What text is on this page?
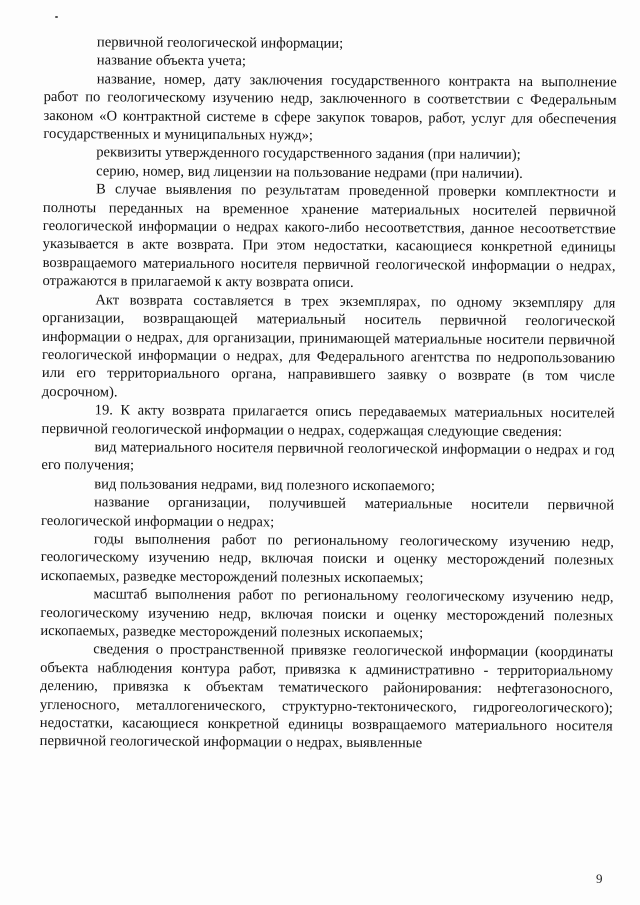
первичной геологической информации;

название объекта учета;

название, номер, дату заключения государственного контракта на выполнение работ по геологическому изучению недр, заключенного в соответствии с Федеральным законом «О контрактной системе в сфере закупок товаров, работ, услуг для обеспечения государственных и муниципальных нужд»;

реквизиты утвержденного государственного задания (при наличии);

серию, номер, вид лицензии на пользование недрами (при наличии).

В случае выявления по результатам проведенной проверки комплектности и полноты переданных на временное хранение материальных носителей первичной геологической информации о недрах какого-либо несоответствия, данное несоответствие указывается в акте возврата. При этом недостатки, касающиеся конкретной единицы возвращаемого материального носителя первичной геологической информации о недрах, отражаются в прилагаемой к акту возврата описи.

Акт возврата составляется в трех экземплярах, по одному экземпляру для организации, возвращающей материальный носитель первичной геологической информации о недрах, для организации, принимающей материальные носители первичной геологической информации о недрах, для Федерального агентства по недропользованию или его территориального органа, направившего заявку о возврате (в том числе досрочном).

19. К акту возврата прилагается опись передаваемых материальных носителей первичной геологической информации о недрах, содержащая следующие сведения:

вид материального носителя первичной геологической информации о недрах и год его получения;

вид пользования недрами, вид полезного ископаемого;

название организации, получившей материальные носители первичной геологической информации о недрах;

годы выполнения работ по региональному геологическому изучению недр, геологическому изучению недр, включая поиски и оценку месторождений полезных ископаемых, разведке месторождений полезных ископаемых;

масштаб выполнения работ по региональному геологическому изучению недр, геологическому изучению недр, включая поиски и оценку месторождений полезных ископаемых, разведке месторождений полезных ископаемых;

сведения о пространственной привязке геологической информации (координаты объекта наблюдения контура работ, привязка к административно - территориальному делению, привязка к объектам тематического районирования: нефтегазоносного, угленосного, металлогенического, структурно-тектонического, гидрогеологического); недостатки, касающиеся конкретной единицы возвращаемого материального носителя первичной геологической информации о недрах, выявленные

9
